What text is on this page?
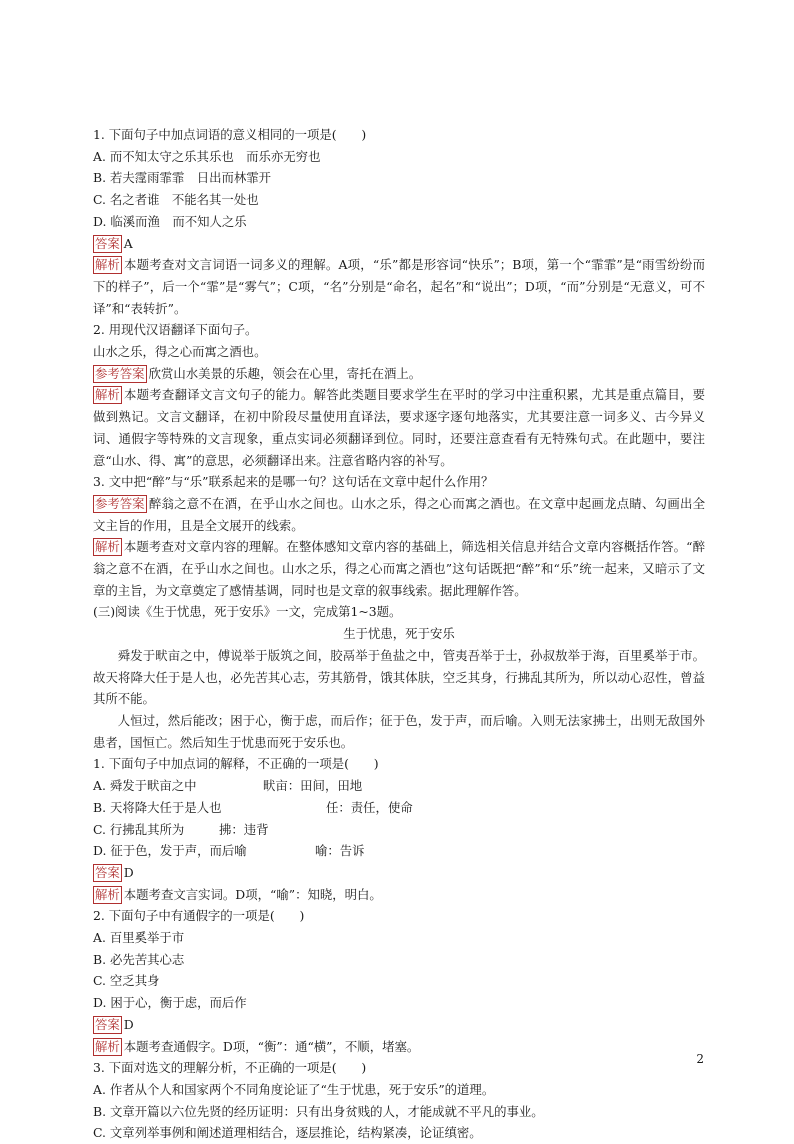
1. 下面句子中加点词语的意义相同的一项是(　　)
A. 而不知太守之乐其乐也　而乐亦无穷也
B. 若夫霪雨霏霏　日出而林霏开
C. 名之者谁　不能名其一处也
D. 临溪而渔　而不知人之乐
答案 A
解析 本题考查对文言词语一词多义的理解。A项，“乐”都是形容词“快乐”；B项，第一个“霏霏”是“雨雪纷纷而下的样子”，后一个“霏”是“雾气”；C项，“名”分别是“命名，起名”和“说出”；D项，“而”分别是“无意义，可不译”和“表转折”。
2. 用现代汉语翻译下面句子。
山水之乐，得之心而寓之酒也。
参考答案 欣赏山水美景的乐趣，领会在心里，寄托在酒上。
解析 本题考查翻译文言文句子的能力。解答此类题目要求学生在平时的学习中注重积累，尤其是重点篇目，要做到熟记。文言文翻译，在初中阶段尽量使用直译法，要求逐字逐句地落实，尤其要注意一词多义、古今异义词、通假字等特殊的文言现象，重点实词必须翻译到位。同时，还要注意查看有无特殊句式。在此题中，要注意“山水、得、寓”的意思，必须翻译出来。注意省略内容的补写。
3. 文中把“醉”与“乐”联系起来的是哪一句？这句话在文章中起什么作用？
参考答案 醉翁之意不在酒，在乎山水之间也。山水之乐，得之心而寓之酒也。在文章中起画龙点睛、勾画出全文主旨的作用，且是全文展开的线索。
解析 本题考查对文章内容的理解。在整体感知文章内容的基础上，筛选相关信息并结合文章内容概括作答。“醉翁之意不在酒，在乎山水之间也。山水之乐，得之心而寓之酒也”这句话既把“醉”和“乐”统一起来，又暗示了文章的主旨，为文章奠定了感情基调，同时也是文章的叙事线索。据此理解作答。
(三)阅读《生于忧患，死于安乐》一文，完成第1~3题。
生于忧患，死于安乐
舜发于畎亩之中，傅说举于版筑之间，胶鬲举于鱼盐之中，管夷吾举于士，孙叔敖举于海，百里奚举于市。故天将降大任于是人也，必先苦其心志，劳其筋骨，饿其体肤，空乏其身，行拂乱其所为，所以动心忍性，曾益其所不能。
人恒过，然后能改；困于心，衡于虑，而后作；征于色，发于声，而后喻。入则无法家拂士，出则无敌国外患者，国恒亡。然后知生于忧患而死于安乐也。
1. 下面句子中加点词的解释，不正确的一项是(　　)
A. 舜发于畎亩之中	畎亩：田间，田地
B. 天将降大任于是人也	任：责任，使命
C. 行拂乱其所为	拂：违背
D. 征于色，发于声，而后喻	喻：告诉
答案 D
解析 本题考查文言实词。D项，“喻”：知晓，明白。
2. 下面句子中有通假字的一项是(　　)
A. 百里奚举于市
B. 必先苦其心志
C. 空乏其身
D. 困于心，衡于虑，而后作
答案 D
解析 本题考查通假字。D项，“衡”：通“横”，不顺，堵塞。
3. 下面对选文的理解分析，不正确的一项是(　　)
A. 作者从个人和国家两个不同角度论证了“生于忧患，死于安乐”的道理。
B. 文章开篇以六位先贤的经历证明：只有出身贫贱的人，才能成就不平凡的事业。
C. 文章列举事例和阐述道理相结合，逐层推论，结构紧凑，论证缜密。
2
